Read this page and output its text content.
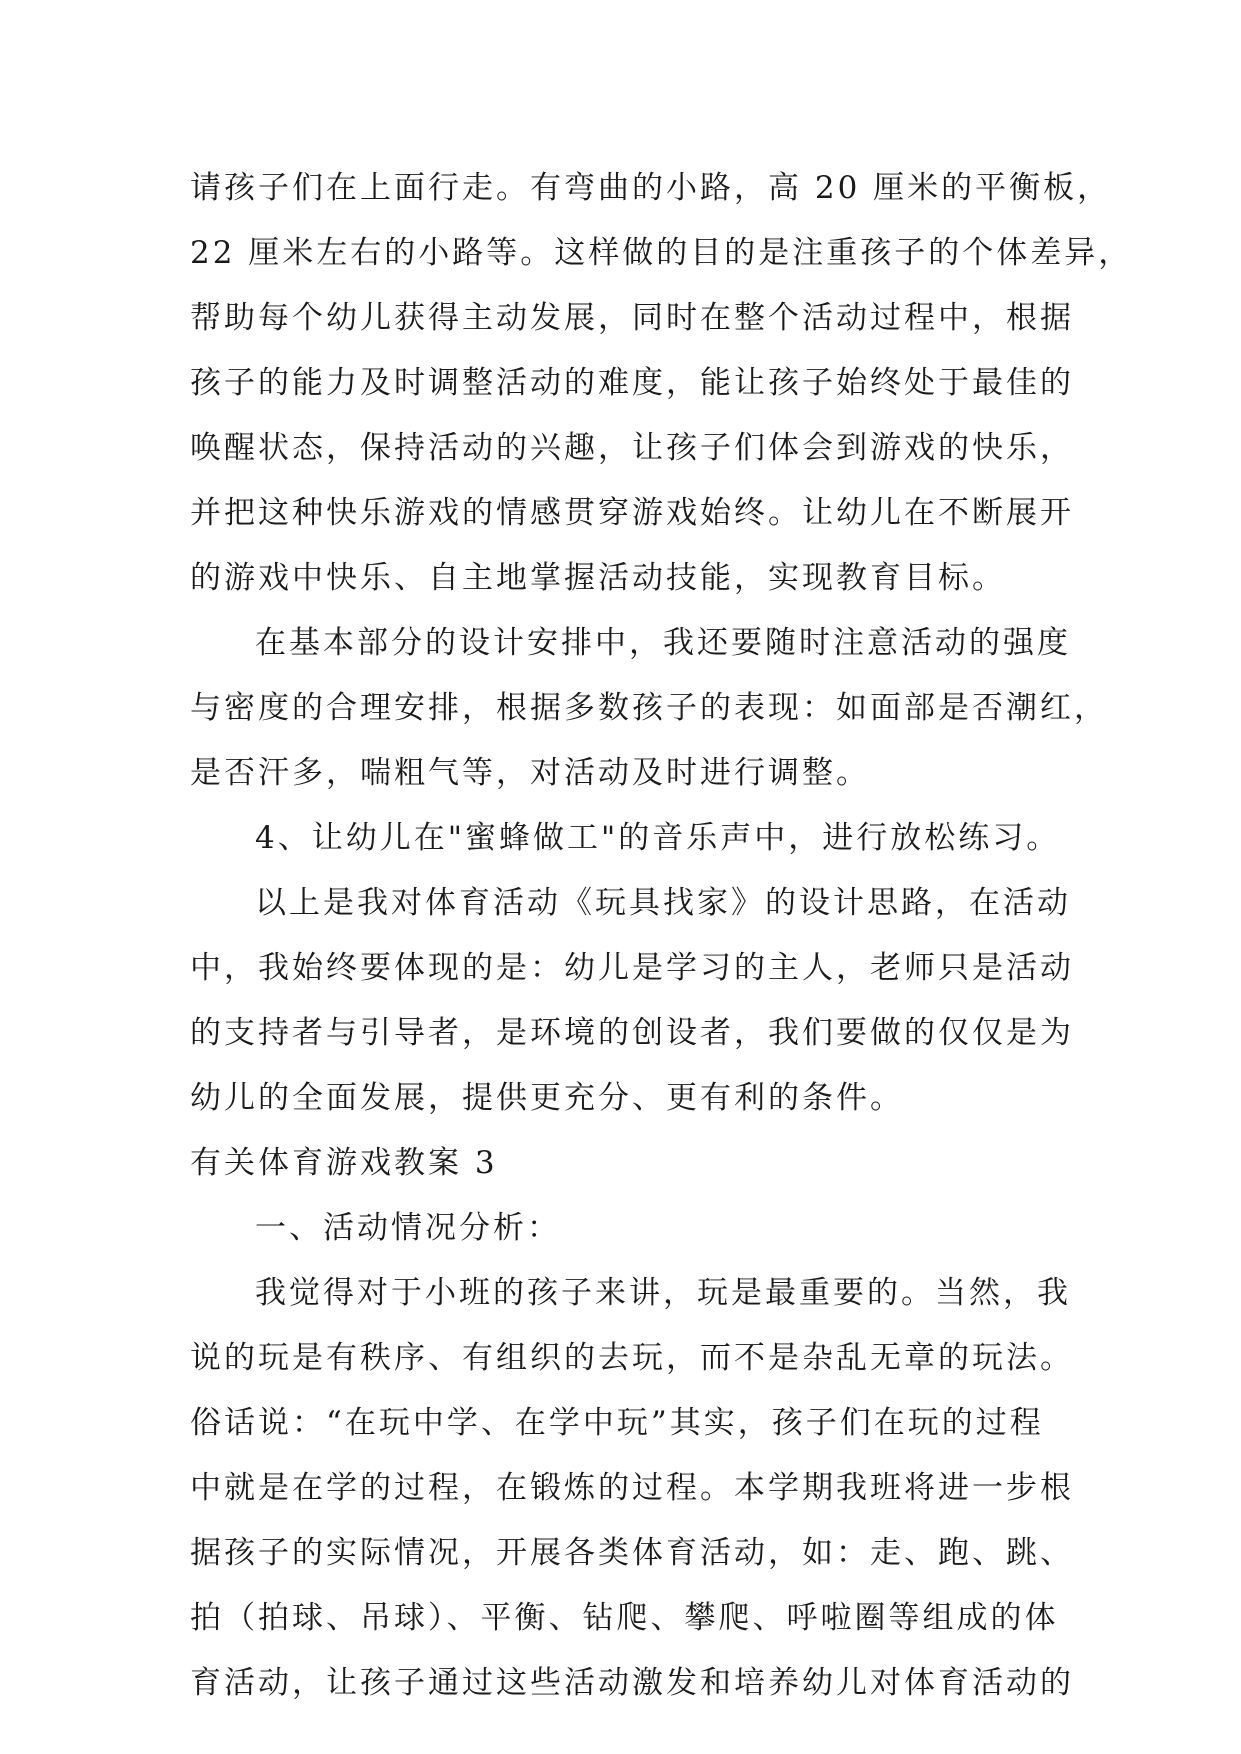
请孩子们在上面行走。有弯曲的小路，高 20 厘米的平衡板，
22 厘米左右的小路等。这样做的目的是注重孩子的个体差异，
帮助每个幼儿获得主动发展，同时在整个活动过程中，根据
孩子的能力及时调整活动的难度，能让孩子始终处于最佳的
唤醒状态，保持活动的兴趣，让孩子们体会到游戏的快乐，
并把这种快乐游戏的情感贯穿游戏始终。让幼儿在不断展开
的游戏中快乐、自主地掌握活动技能，实现教育目标。
在基本部分的设计安排中，我还要随时注意活动的强度
与密度的合理安排，根据多数孩子的表现：如面部是否潮红，
是否汗多，喘粗气等，对活动及时进行调整。
4、让幼儿在"蜜蜂做工"的音乐声中，进行放松练习。
以上是我对体育活动《玩具找家》的设计思路，在活动
中，我始终要体现的是：幼儿是学习的主人，老师只是活动
的支持者与引导者，是环境的创设者，我们要做的仅仅是为
幼儿的全面发展，提供更充分、更有利的条件。
有关体育游戏教案 3
一、活动情况分析：
我觉得对于小班的孩子来讲，玩是最重要的。当然，我
说的玩是有秩序、有组织的去玩，而不是杂乱无章的玩法。
俗话说：“在玩中学、在学中玩”其实，孩子们在玩的过程
中就是在学的过程，在锻炼的过程。本学期我班将进一步根
据孩子的实际情况，开展各类体育活动，如：走、跑、跳、
拍（拍球、吊球）、平衡、钻爬、攀爬、呼啦圈等组成的体
育活动，让孩子通过这些活动激发和培养幼儿对体育活动的
